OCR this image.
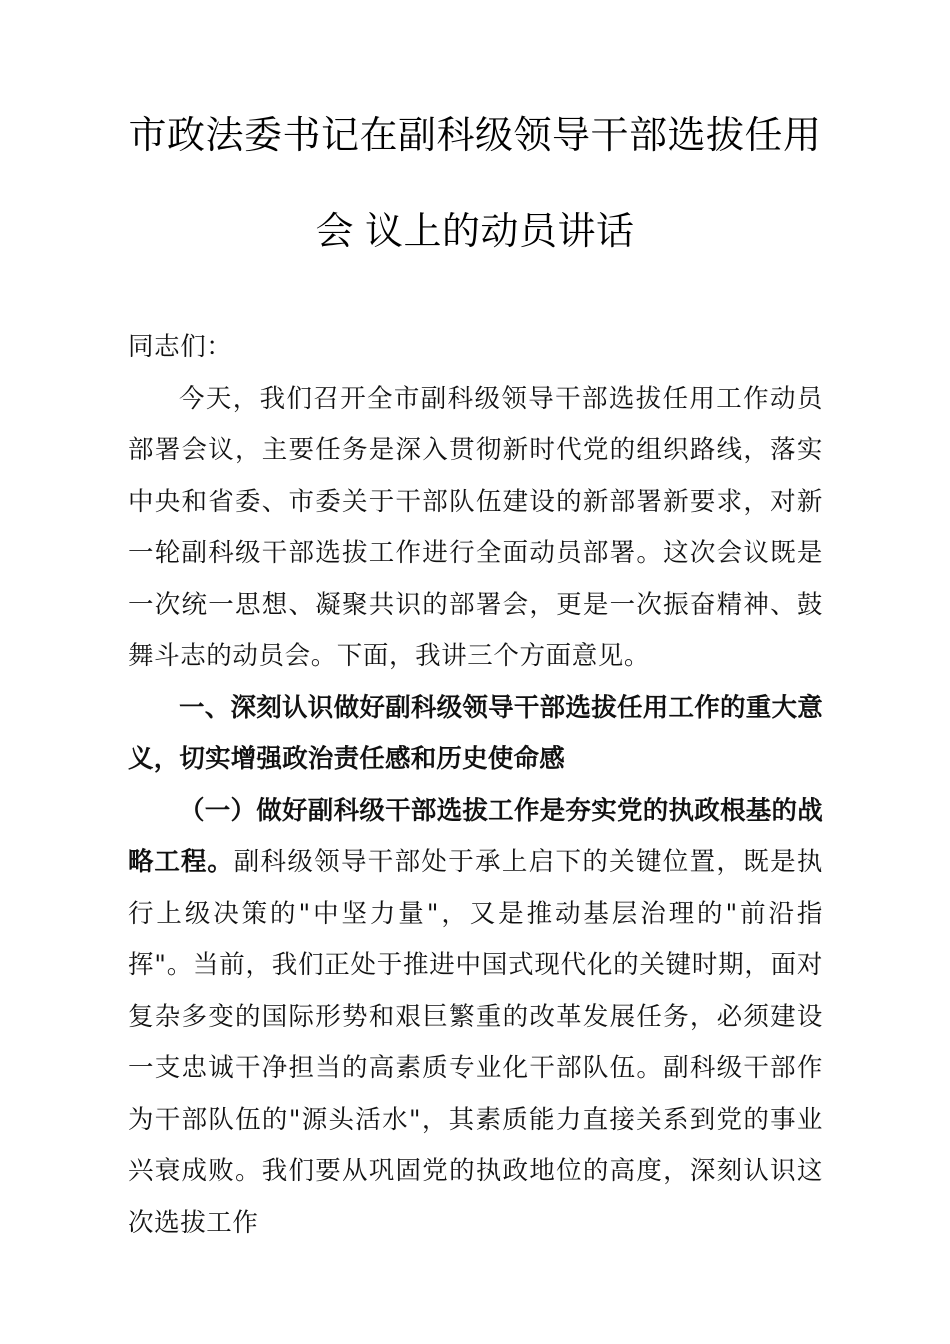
市政法委书记在副科级领导干部选拔任用会 议上的动员讲话

同志们：

今天，我们召开全市副科级领导干部选拔任用工作动员部署会议，主要任务是深入贯彻新时代党的组织路线，落实中央和省委、市委关于干部队伍建设的新部署新要求，对新一轮副科级干部选拔工作进行全面动员部署。这次会议既是一次统一思想、凝聚共识的部署会，更是一次振奋精神、鼓舞斗志的动员会。下面，我讲三个方面意见。

一、深刻认识做好副科级领导干部选拔任用工作的重大意义，切实增强政治责任感和历史使命感

（一）做好副科级干部选拔工作是夯实党的执政根基的战略工程。副科级领导干部处于承上启下的关键位置，既是执行上级决策的"中坚力量"，又是推动基层治理的"前沿指挥"。当前，我们正处于推进中国式现代化的关键时期，面对复杂多变的国际形势和艰巨繁重的改革发展任务，必须建设一支忠诚干净担当的高素质专业化干部队伍。副科级干部作为干部队伍的"源头活水"，其素质能力直接关系到党的事业兴衰成败。我们要从巩固党的执政地位的高度，深刻认识这次选拔工作
